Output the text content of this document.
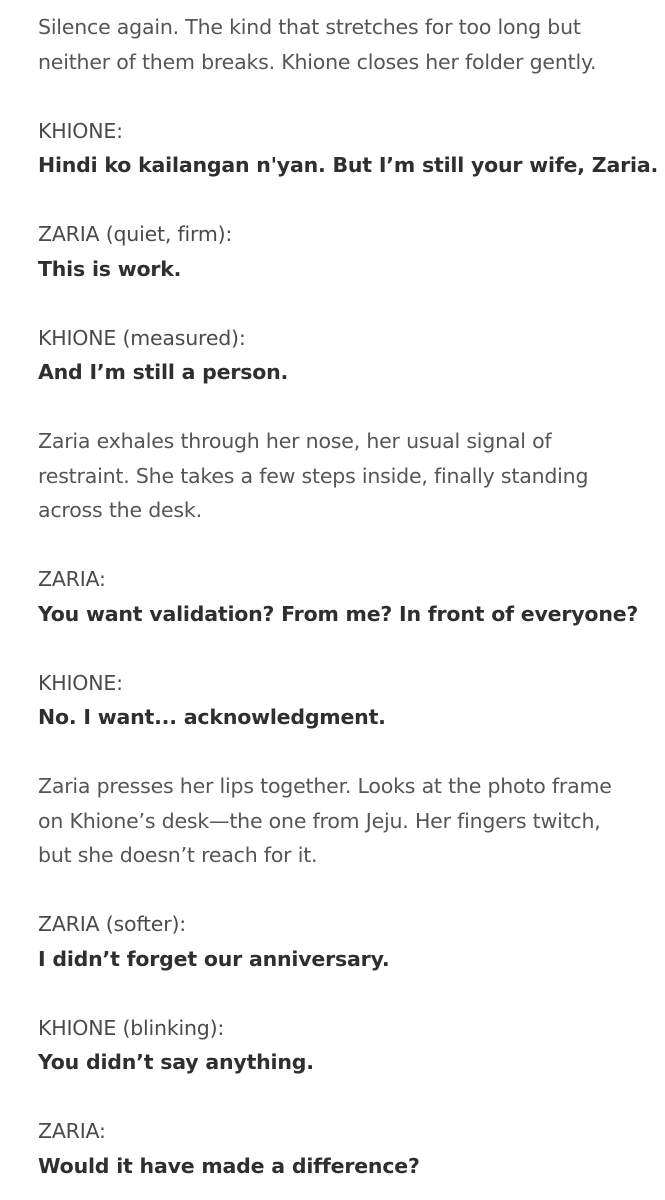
Silence again. The kind that stretches for too long but
neither of them breaks. Khione closes her folder gently.
KHIONE:
Hindi ko kailangan n'yan. But I’m still your wife, Zaria.
ZARIA (quiet, firm):
This is work.
KHIONE (measured):
And I’m still a person.
Zaria exhales through her nose, her usual signal of
restraint. She takes a few steps inside, finally standing
across the desk.
ZARIA:
You want validation? From me? In front of everyone?
KHIONE:
No. I want... acknowledgment.
Zaria presses her lips together. Looks at the photo frame
on Khione’s desk—the one from Jeju. Her fingers twitch,
but she doesn’t reach for it.
ZARIA (softer):
I didn’t forget our anniversary.
KHIONE (blinking):
You didn’t say anything.
ZARIA:
Would it have made a difference?
